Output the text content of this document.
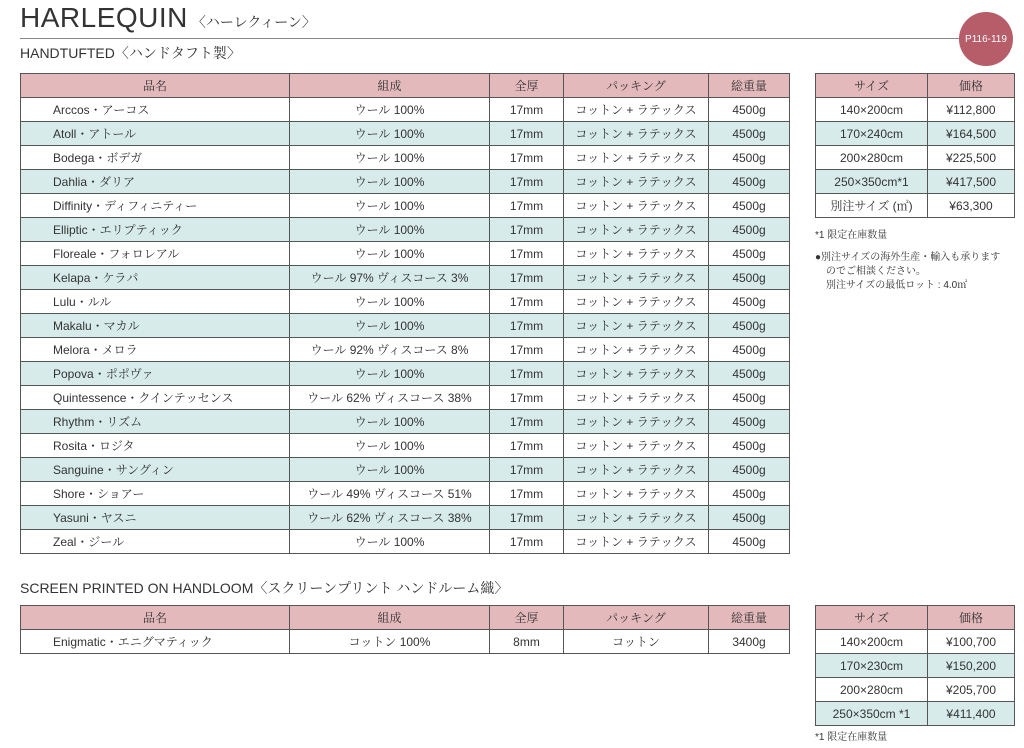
HARLEQUIN 〈ハーレクィーン〉
P116-119
HANDTUFTED〈ハンドタフト製〉
品名	組成	全厚	パッキング	総重量
Arccos・アーコス	ウール 100%	17mm	コットン + ラテックス	4500g
Atoll・アトール	ウール 100%	17mm	コットン + ラテックス	4500g
Bodega・ボデガ	ウール 100%	17mm	コットン + ラテックス	4500g
Dahlia・ダリア	ウール 100%	17mm	コットン + ラテックス	4500g
Diffinity・ディフィニティー	ウール 100%	17mm	コットン + ラテックス	4500g
Elliptic・エリプティック	ウール 100%	17mm	コットン + ラテックス	4500g
Floreale・フォロレアル	ウール 100%	17mm	コットン + ラテックス	4500g
Kelapa・ケラパ	ウール 97% ヴィスコース 3%	17mm	コットン + ラテックス	4500g
Lulu・ルル	ウール 100%	17mm	コットン + ラテックス	4500g
Makalu・マカル	ウール 100%	17mm	コットン + ラテックス	4500g
Melora・メロラ	ウール 92% ヴィスコース 8%	17mm	コットン + ラテックス	4500g
Popova・ポポヴァ	ウール 100%	17mm	コットン + ラテックス	4500g
Quintessence・クインテッセンス	ウール 62% ヴィスコース 38%	17mm	コットン + ラテックス	4500g
Rhythm・リズム	ウール 100%	17mm	コットン + ラテックス	4500g
Rosita・ロジタ	ウール 100%	17mm	コットン + ラテックス	4500g
Sanguine・サングィン	ウール 100%	17mm	コットン + ラテックス	4500g
Shore・ショアー	ウール 49% ヴィスコース 51%	17mm	コットン + ラテックス	4500g
Yasuni・ヤスニ	ウール 62% ヴィスコース 38%	17mm	コットン + ラテックス	4500g
Zeal・ジール	ウール 100%	17mm	コットン + ラテックス	4500g
サイズ	価格
140×200cm	¥112,800
170×240cm	¥164,500
200×280cm	¥225,500
250×350cm*1	¥417,500
別注サイズ (㎡)	¥63,300
*1 限定在庫数量
●別注サイズの海外生産・輸入も承ります
のでご相談ください。
別注サイズの最低ロット : 4.0㎡
SCREEN PRINTED ON HANDLOOM〈スクリーンプリント ハンドルーム織〉
品名	組成	全厚	パッキング	総重量
Enigmatic・エニグマティック	コットン 100%	8mm	コットン	3400g
サイズ	価格
140×200cm	¥100,700
170×230cm	¥150,200
200×280cm	¥205,700
250×350cm *1	¥411,400
*1 限定在庫数量
